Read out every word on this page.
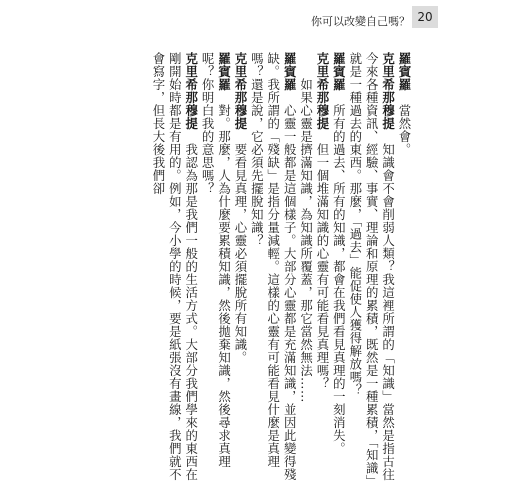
你可以改變自己嗎？ 20

羅賓羅　當然會。

克里希那穆提　知識會不會削弱人類？我這裡所謂的「知識」當然是指古往今來各種資訊、經驗、事實、理論和原理的累積，既然是一種累積，「知識」就是一種過去的東西。那麼，「過去」能促使人獲得解放嗎？

羅賓羅　所有的過去、所有的知識，都會在我們看見真理的一刻消失。

克里希那穆提　但一個堆滿知識的心靈有可能看見真理嗎？

　　如果心靈是擠滿知識，為知識所覆蓋，那它當然無法……

羅賓羅　心靈一般都是這個樣子。大部分心靈都是充滿知識，並因此變得殘缺。我所謂的「殘缺」是指分量減輕。這樣的心靈有可能看見什麼是真理嗎？還是說，它必須先擺脫知識？

克里希那穆提　要看見真理，心靈必須擺脫所有知識。

羅賓羅　對。那麼，人為什麼要累積知識，然後拋棄知識，然後尋求真理呢？你明白我的意思嗎？

克里希那穆提　我認為那是我們一般的生活方式。大部分我們學來的東西在剛開始時都是有用的。例如，今小學的時候，要是紙張沒有畫線，我們就不會寫字，但長大後我們卻
